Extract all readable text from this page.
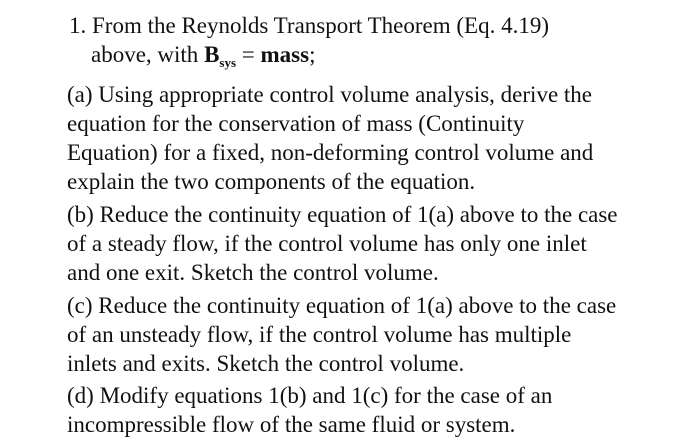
1. From the Reynolds Transport Theorem (Eq. 4.19)
above, with $B_{sys}$ = mass;
(a) Using appropriate control volume analysis, derive the
equation for the conservation of mass (Continuity
Equation) for a fixed, non-deforming control volume and
explain the two components of the equation.
(b) Reduce the continuity equation of 1(a) above to the case
of a steady flow, if the control volume has only one inlet
and one exit. Sketch the control volume.
(c) Reduce the continuity equation of 1(a) above to the case
of an unsteady flow, if the control volume has multiple
inlets and exits. Sketch the control volume.
(d) Modify equations 1(b) and 1(c) for the case of an
incompressible flow of the same fluid or system.
